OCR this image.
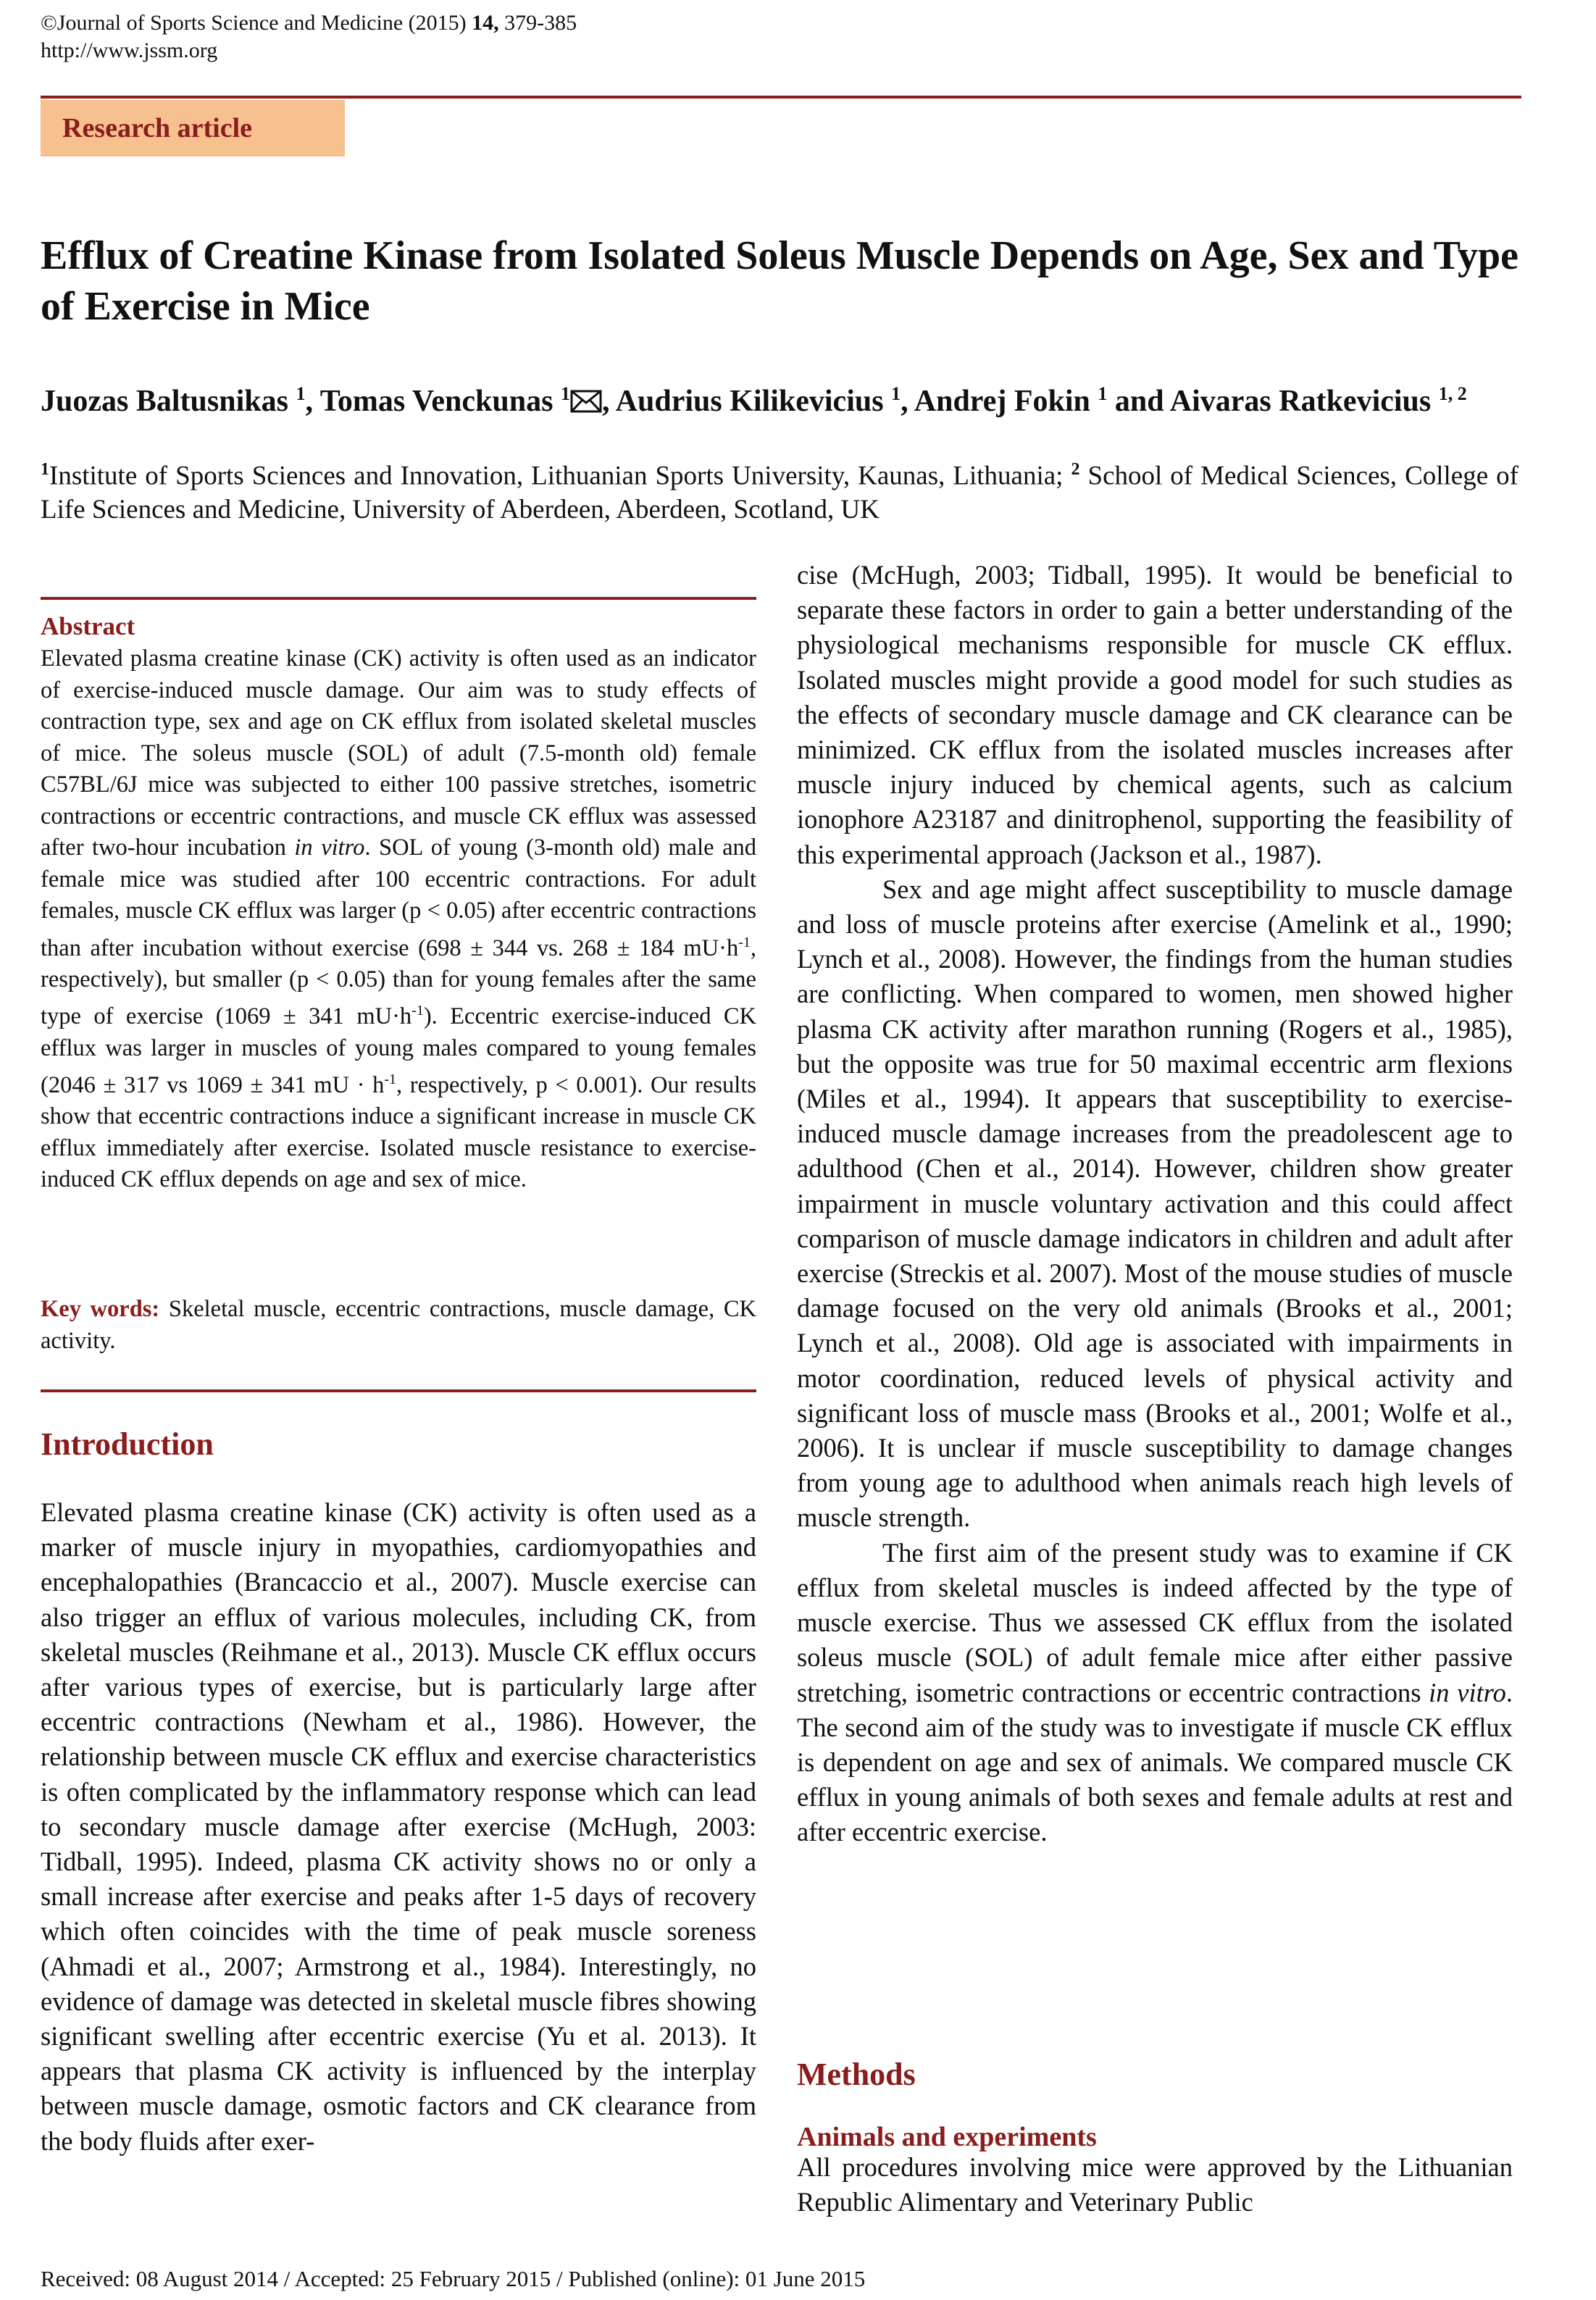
©Journal of Sports Science and Medicine (2015) 14, 379-385
http://www.jssm.org
Research article
Efflux of Creatine Kinase from Isolated Soleus Muscle Depends on Age, Sex and Type of Exercise in Mice

Juozas Baltusnikas $^1$, Tomas Venckunas $^1$ , Audrius Kilikevicius $^1$, Andrej Fokin $^1$ and Aivaras Ratkevicius $^{1, 2}$

$^1$Institute of Sports Sciences and Innovation, Lithuanian Sports University, Kaunas, Lithuania; $^2$ School of Medical Sciences, College of Life Sciences and Medicine, University of Aberdeen, Aberdeen, Scotland, UK

Abstract

Elevated plasma creatine kinase (CK) activity is often used as an indicator of exercise-induced muscle damage. Our aim was to study effects of contraction type, sex and age on CK efflux from isolated skeletal muscles of mice. The soleus muscle (SOL) of adult (7.5-month old) female C57BL/6J mice was subjected to either 100 passive stretches, isometric contractions or eccentric contractions, and muscle CK efflux was assessed after two-hour incubation in vitro. SOL of young (3-month old) male and female mice was studied after 100 eccentric contractions. For adult females, muscle CK efflux was larger (p < 0.05) after eccentric contractions than after incubation without exercise (698 ± 344 vs. 268 ± 184 $mU\cdot h^{-1}$, respectively), but smaller (p < 0.05) than for young females after the same type of exercise (1069 ± 341 $mU\cdot h^{-1}$). Eccentric exercise-induced CK efflux was larger in muscles of young males compared to young females (2046 ± 317 vs 1069 ± 341 mU · $h^{-1}$, respectively, p < 0.001). Our results show that eccentric contractions induce a significant increase in muscle CK efflux immediately after exercise. Isolated muscle resistance to exercise-induced CK efflux depends on age and sex of mice.

Key words: Skeletal muscle, eccentric contractions, muscle damage, CK activity.

Introduction

Elevated plasma creatine kinase (CK) activity is often used as a marker of muscle injury in myopathies, cardiomyopathies and encephalopathies (Brancaccio et al., 2007). Muscle exercise can also trigger an efflux of various molecules, including CK, from skeletal muscles (Reihmane et al., 2013). Muscle CK efflux occurs after various types of exercise, but is particularly large after eccentric contractions (Newham et al., 1986). However, the relationship between muscle CK efflux and exercise characteristics is often complicated by the inflammatory response which can lead to secondary muscle damage after exercise (McHugh, 2003: Tidball, 1995). Indeed, plasma CK activity shows no or only a small increase after exercise and peaks after 1-5 days of recovery which often coincides with the time of peak muscle soreness (Ahmadi et al., 2007; Armstrong et al., 1984). Interestingly, no evidence of damage was detected in skeletal muscle fibres showing significant swelling after eccentric exercise (Yu et al. 2013). It appears that plasma CK activity is influenced by the interplay between muscle damage, osmotic factors and CK clearance from the body fluids after exer-

cise (McHugh, 2003; Tidball, 1995). It would be beneficial to separate these factors in order to gain a better understanding of the physiological mechanisms responsible for muscle CK efflux. Isolated muscles might provide a good model for such studies as the effects of secondary muscle damage and CK clearance can be minimized. CK efflux from the isolated muscles increases after muscle injury induced by chemical agents, such as calcium ionophore A23187 and dinitrophenol, supporting the feasibility of this experimental approach (Jackson et al., 1987).

Sex and age might affect susceptibility to muscle damage and loss of muscle proteins after exercise (Amelink et al., 1990; Lynch et al., 2008). However, the findings from the human studies are conflicting. When compared to women, men showed higher plasma CK activity after marathon running (Rogers et al., 1985), but the opposite was true for 50 maximal eccentric arm flexions (Miles et al., 1994). It appears that susceptibility to exercise-induced muscle damage increases from the preadolescent age to adulthood (Chen et al., 2014). However, children show greater impairment in muscle voluntary activation and this could affect comparison of muscle damage indicators in children and adult after exercise (Streckis et al. 2007). Most of the mouse studies of muscle damage focused on the very old animals (Brooks et al., 2001; Lynch et al., 2008). Old age is associated with impairments in motor coordination, reduced levels of physical activity and significant loss of muscle mass (Brooks et al., 2001; Wolfe et al., 2006). It is unclear if muscle susceptibility to damage changes from young age to adulthood when animals reach high levels of muscle strength.

The first aim of the present study was to examine if CK efflux from skeletal muscles is indeed affected by the type of muscle exercise. Thus we assessed CK efflux from the isolated soleus muscle (SOL) of adult female mice after either passive stretching, isometric contractions or eccentric contractions in vitro. The second aim of the study was to investigate if muscle CK efflux is dependent on age and sex of animals. We compared muscle CK efflux in young animals of both sexes and female adults at rest and after eccentric exercise.

Methods
Animals and experiments

All procedures involving mice were approved by the Lithuanian Republic Alimentary and Veterinary Public

Received: 08 August 2014 / Accepted: 25 February 2015 / Published (online): 01 June 2015
